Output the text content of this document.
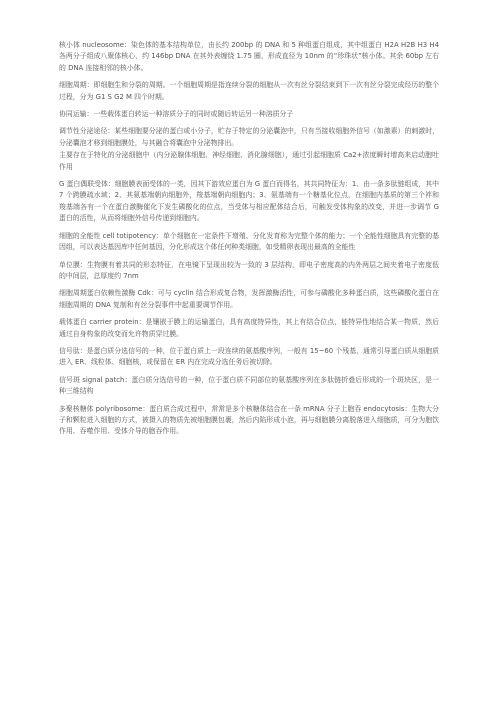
核小体 nucleosome：染色体的基本结构单位，由长约 200bp 的 DNA 和 5 种组蛋白组成，其中组蛋白 H2A H2B H3 H4 各两分子组成八聚体核心，约 146bp DNA 在其外表缠绕 1.75 圈，形成直径为 10nm 的“珍珠状”核小体。其余 60bp 左右的 DNA 连接相邻的核小体。

细胞周期：即细胞生和分裂的周期。一个细胞周期是指连续分裂的细胞从一次有丝分裂结束到下一次有丝分裂完成经历的整个过程，分为 G1 S G2 M 四个时期。

协同运输：一些载体蛋白转运一种溶质分子的同时或随后转运另一种溶质分子

调节性分泌途径：某些细胞要分泌的蛋白或小分子，贮存于特定的分泌囊泡中，只有当接收细胞外信号（如激素）的刺激时，分泌囊泡才移到细胞膜处，与其融合将囊泡中分泌物排出。

主要存在于特化的分泌细胞中（内分泌腺体细胞、神经细胞、消化腺细胞），通过引起细胞质 Ca2+浓度瞬时增高来启动胞吐作用

G 蛋白偶联受体：细胞膜表面受体的一类，因其下游效应蛋白为 G 蛋白而得名，其共同特征为：1、由一条多肽链组成，其中 7 个跨膜疏水域；2、其氨基端朝向细胞外，羧基端朝向细胞内；3、氨基端有一个糖基化位点，在细胞内基质的第三个袢和羧基端各有一个在蛋白激酶催化下发生磷酸化的位点，当受体与相应配体结合后，可触发受体构象的改变，并进一步调节 G 蛋白的活性，从而将细胞外信号传递到细胞内。

细胞的全能性 cell totipotency：单个细胞在一定条件下增殖、分化发育称为完整个体的能力；一个全能性细胞具有完整的基因组，可以表达基因库中任何基因，分化形成这个体任何种类细胞，如受精卵表现出最高的全能性

单位膜：生物膜有着共同的形态特征，在电镜下呈现出较为一致的 3 层结构，即电子密度高的内外两层之间夹着电子密度低的中间层，总厚度约 7nm

细胞周期蛋白依赖性激酶 Cdk：可与 cyclin 结合形成复合物，发挥激酶活性，可参与磷酸化多种蛋白质，这些磷酸化蛋白在细胞周期的 DNA 复制和有丝分裂事件中起重要调节作用。

载体蛋白 carrier protein：是镶嵌于膜上的运输蛋白，具有高度特异性，其上有结合位点，能特异性地结合某一物质，然后通过自身构象的改变而允许物质穿过膜。

信号肽：是蛋白质分选信号的一种，位于蛋白质上一段连续的氨基酸序列，一般有 15~60 个残基，通常引导蛋白质从细胞质进入 ER、线粒体、细胞核，或保留在 ER 内在完成分选任务后被切除。

信号斑 signal patch：蛋白质分选信号的一种，位于蛋白质不同部位的氨基酸序列在多肽链折叠后形成的一个斑块区，是一种三维结构

多聚核糖体 polyribosome：蛋白质合成过程中，常常是多个核糖体结合在一条 mRNA 分子上胞吞 endocytosis：生物大分子和颗粒进入细胞的方式，被摄入的物质先被细胞膜包裹，然后内陷形成小泡，再与细胞膜分离脱落进入细胞质，可分为胞饮作用、吞噬作用、受体介导的胞吞作用。
